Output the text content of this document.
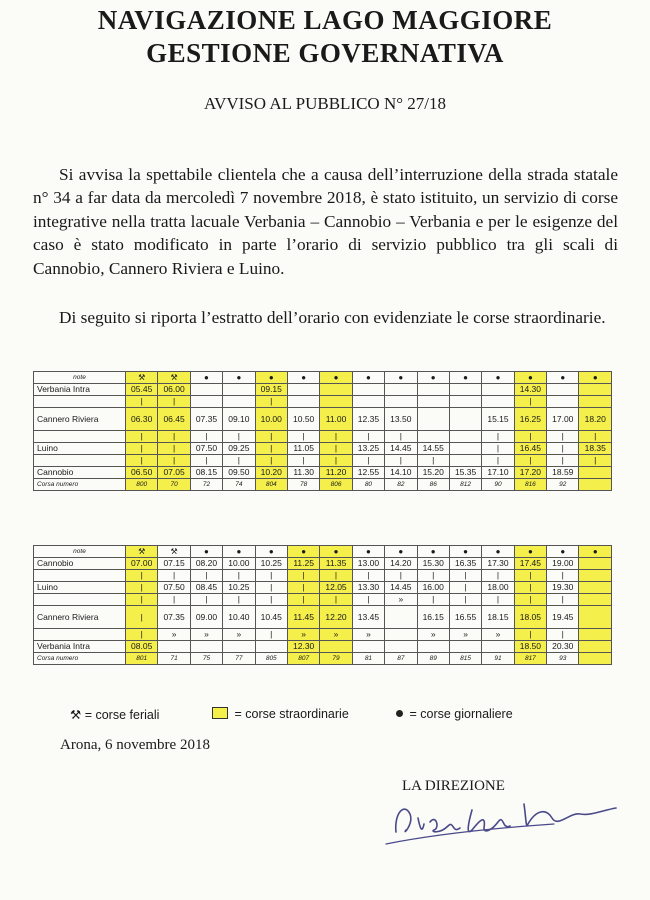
NAVIGAZIONE LAGO MAGGIORE
GESTIONE GOVERNATIVA
AVVISO AL PUBBLICO N° 27/18

Si avvisa la spettabile clientela che a causa dell’interruzione della strada statale n° 34 a far data da mercoledì 7 novembre 2018, è stato istituito, un servizio di corse integrative nella tratta lacuale Verbania – Cannobio – Verbania e per le esigenze del caso è stato modificato in parte l’orario di servizio pubblico tra gli scali di Cannobio, Cannero Riviera e Luino.

Di seguito si riporta l’estratto dell’orario con evidenziate le corse straordinarie.

note	⚒	⚒	●	●	●	●	●	●	●	●	●	●	●	●	●
Verbania Intra	05.45	06.00			09.15								14.30		
	|	|			|								|		
Cannero Riviera	06.30	06.45	07.35	09.10	10.00	10.50	11.00	12.35	13.50			15.15	16.25	17.00	18.20
	|	|	|	|	|	|	|	|	|			|	|	|	|
Luino	|	|	07.50	09.25	|	11.05	|	13.25	14.45	14.55		|	16.45	|	18.35
	|	|	|	|	|	|	|	|	|	|		|	|	|	|
Cannobio	06.50	07.05	08.15	09.50	10.20	11.30	11.20	12.55	14.10	15.20	15.35	17.10	17.20	18.59	
Corsa numero	800	70	72	74	804	78	806	80	82	86	812	90	816	92	
note	⚒	⚒	●	●	●	●	●	●	●	●	●	●	●	●	●
Cannobio	07.00	07.15	08.20	10.00	10.25	11.25	11.35	13.00	14.20	15.30	16.35	17.30	17.45	19.00	
	|	|	|	|	|	|	|	|	|	|	|	|	|	|	
Luino	|	07.50	08.45	10.25	|	|	12.05	13.30	14.45	16.00	|	18.00	|	19.30	
	|	|	|	|	|	|	|	|	»	|	|	|	|	|	
Cannero Riviera	|	07.35	09.00	10.40	10.45	11.45	12.20	13.45		16.15	16.55	18.15	18.05	19.45	
	|	»	»	»	|	»	»	»		»	»	»	|	|	
Verbania Intra	08.05					12.30							18.50	20.30	
Corsa numero	801	71	75	77	805	807	79	81	87	89	815	91	817	93	
⚒ = corse feriali	= corse straordinarie	= corse giornaliere
Arona, 6 novembre 2018
LA DIREZIONE
